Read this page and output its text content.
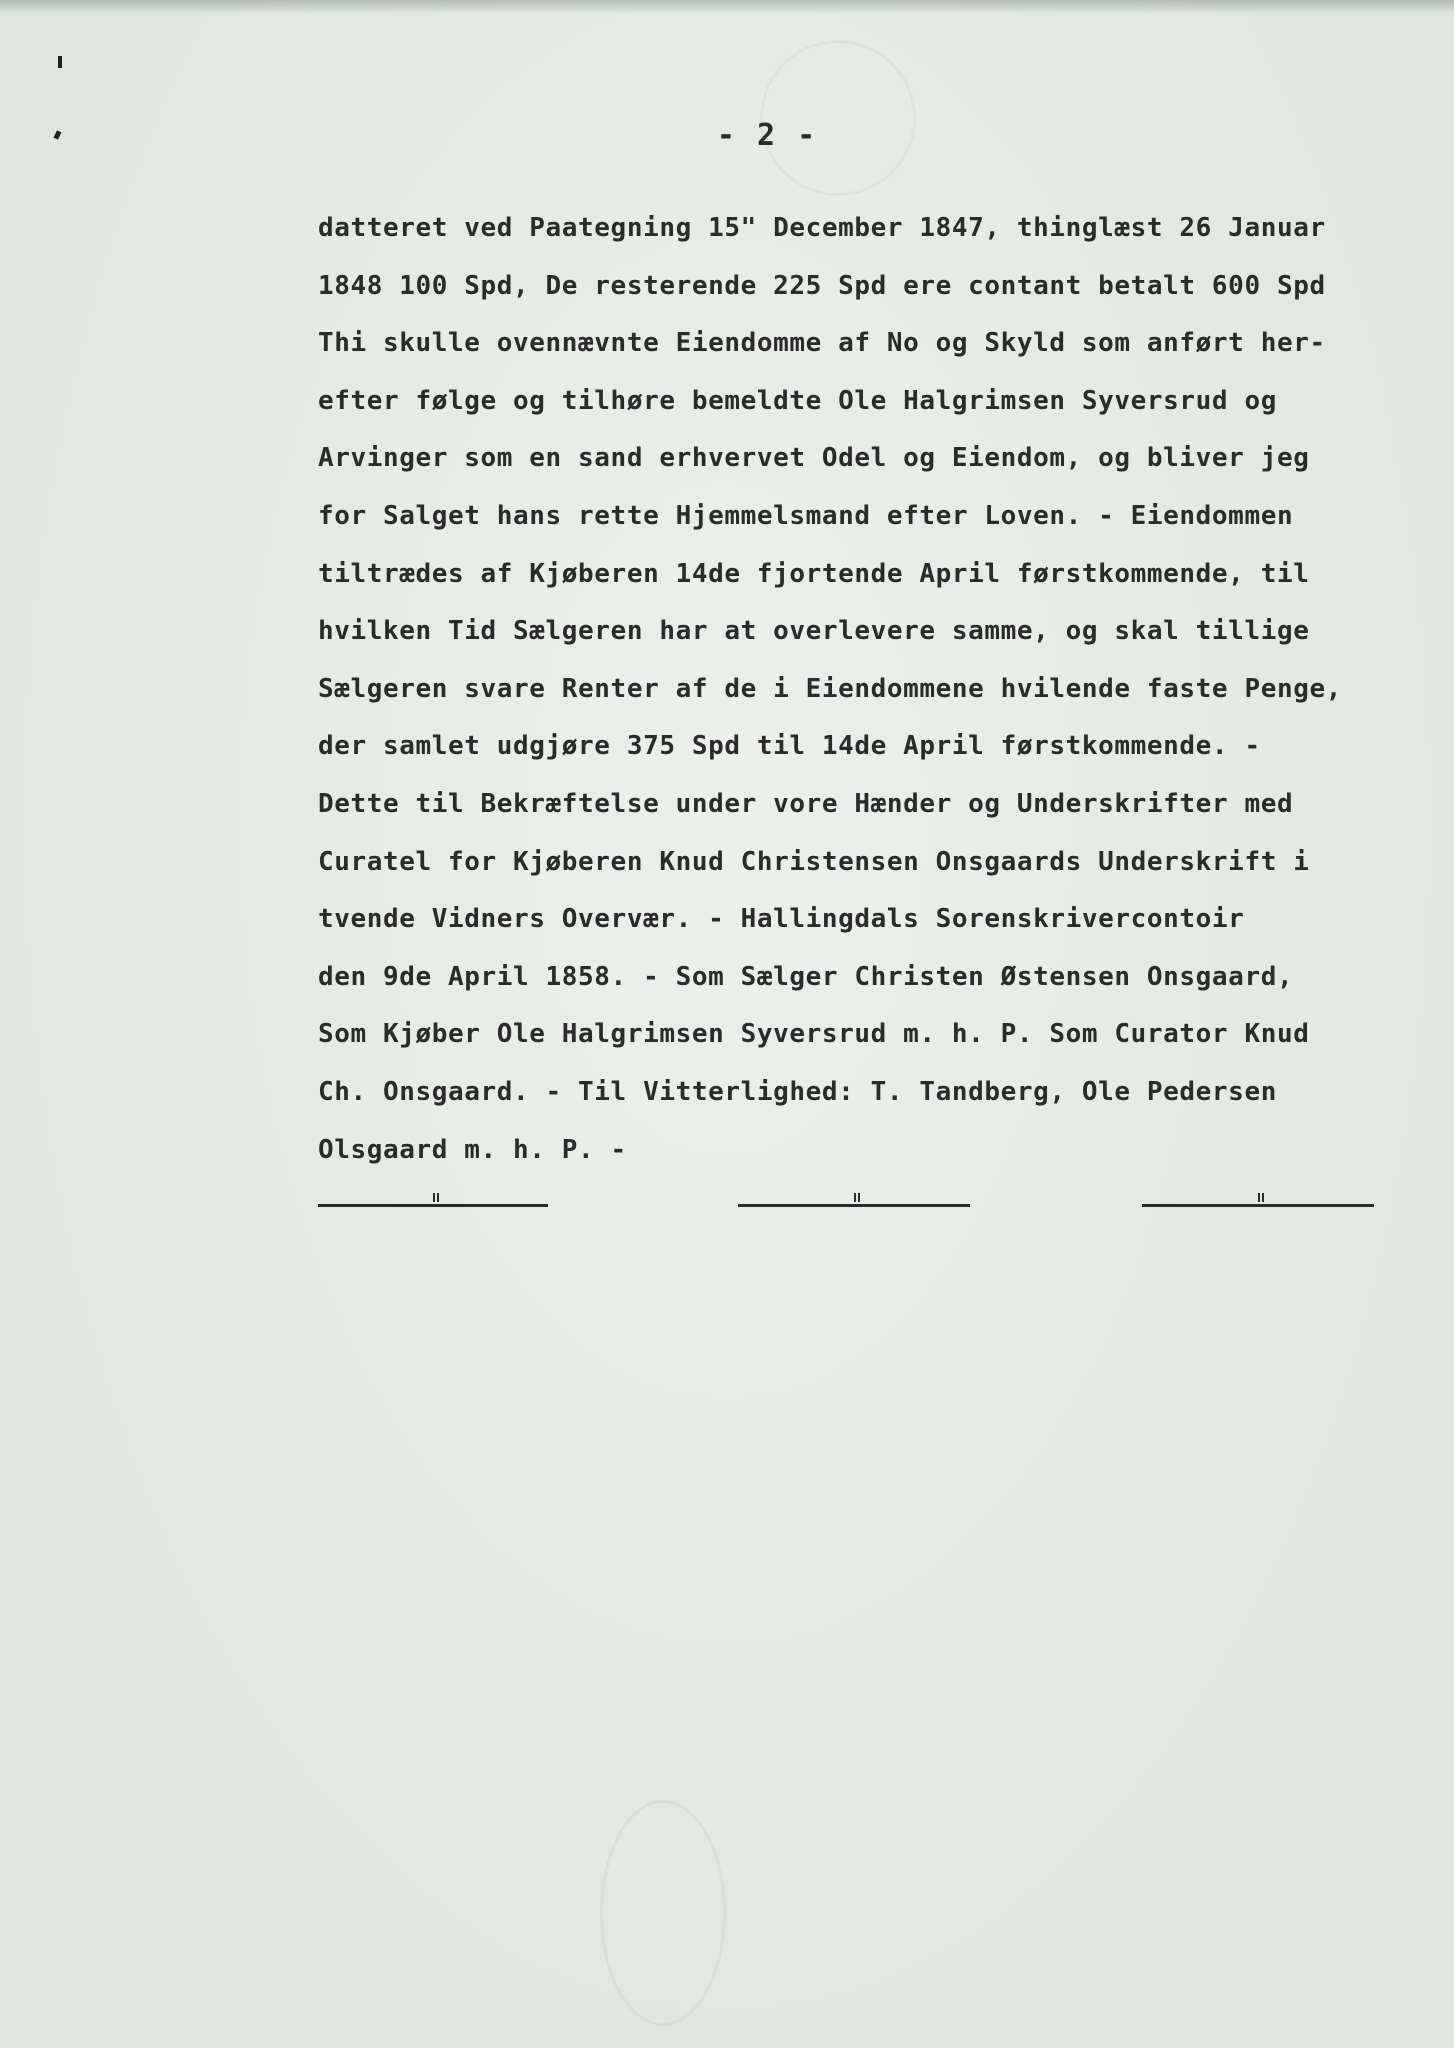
- 2 -
datteret ved Paategning 15" December 1847, thinglæst 26 Januar
1848 100 Spd, De resterende 225 Spd ere contant betalt 600 Spd
Thi skulle ovennævnte Eiendomme af No og Skyld som anført her-
efter følge og tilhøre bemeldte Ole Halgrimsen Syversrud og
Arvinger som en sand erhvervet Odel og Eiendom, og bliver jeg
for Salget hans rette Hjemmelsmand efter Loven. - Eiendommen
tiltrædes af Kjøberen 14de fjortende April førstkommende, til
hvilken Tid Sælgeren har at overlevere samme, og skal tillige
Sælgeren svare Renter af de i Eiendommene hvilende faste Penge,
der samlet udgjøre 375 Spd til 14de April førstkommende. -
Dette til Bekræftelse under vore Hænder og Underskrifter med
Curatel for Kjøberen Knud Christensen Onsgaards Underskrift i
tvende Vidners Overvær. - Hallingdals Sorenskrivercontoir
den 9de April 1858. - Som Sælger Christen Østensen Onsgaard,
Som Kjøber Ole Halgrimsen Syversrud m. h. P. Som Curator Knud
Ch. Onsgaard. - Til Vitterlighed: T. Tandberg, Ole Pedersen
Olsgaard m. h. P. -
